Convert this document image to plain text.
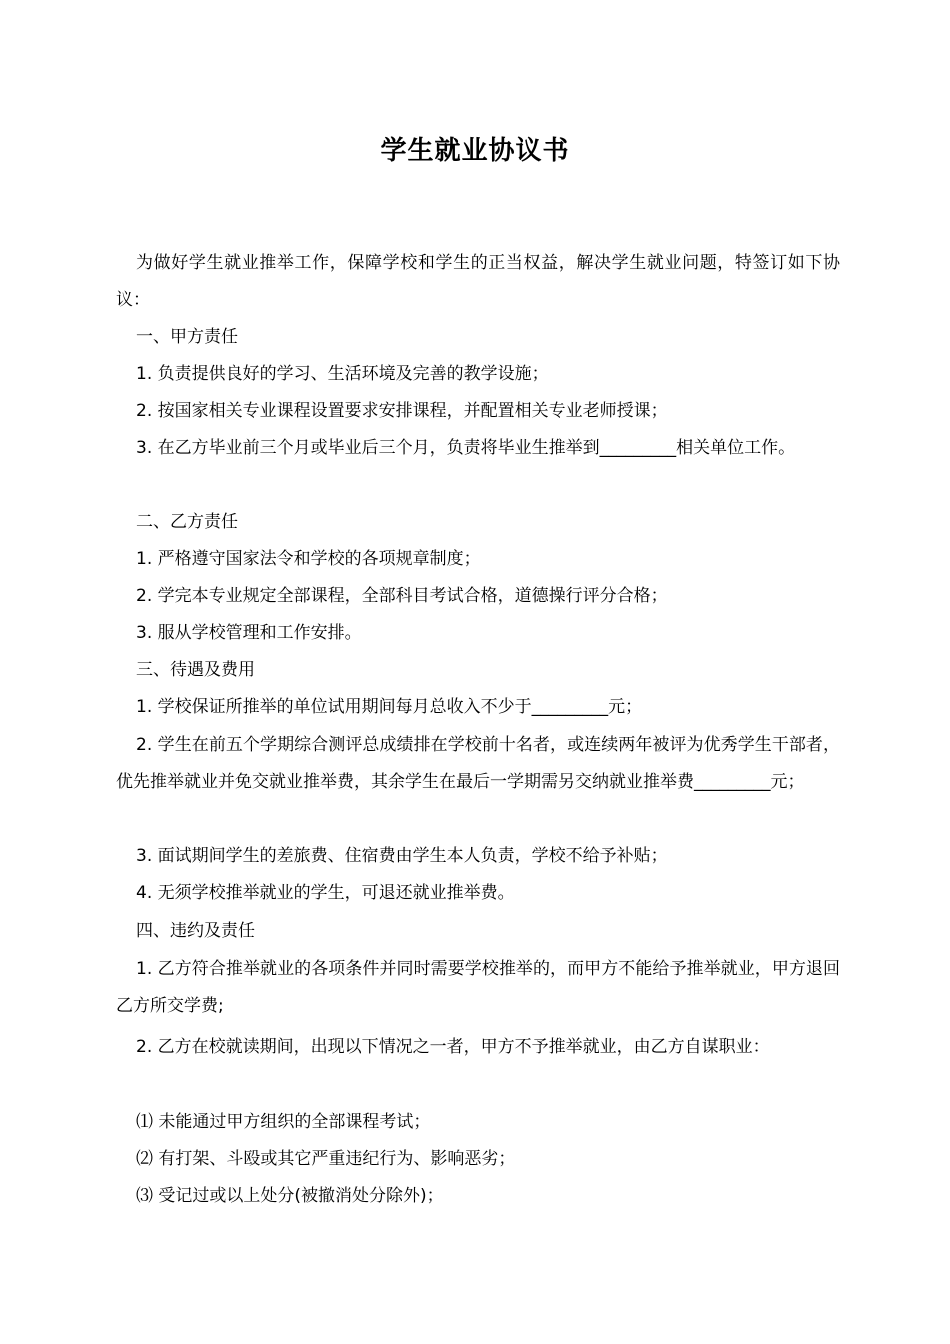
学生就业协议书

为做好学生就业推举工作，保障学校和学生的正当权益，解决学生就业问题，特签订如下协议：

一、甲方责任

1. 负责提供良好的学习、生活环境及完善的教学设施；

2. 按国家相关专业课程设置要求安排课程，并配置相关专业老师授课；

3. 在乙方毕业前三个月或毕业后三个月，负责将毕业生推举到_________相关单位工作。

二、乙方责任

1. 严格遵守国家法令和学校的各项规章制度；

2. 学完本专业规定全部课程，全部科目考试合格，道德操行评分合格；

3. 服从学校管理和工作安排。

三、待遇及费用

1. 学校保证所推举的单位试用期间每月总收入不少于_________元；

2. 学生在前五个学期综合测评总成绩排在学校前十名者，或连续两年被评为优秀学生干部者，优先推举就业并免交就业推举费，其余学生在最后一学期需另交纳就业推举费_________元；

3. 面试期间学生的差旅费、住宿费由学生本人负责，学校不给予补贴；

4. 无须学校推举就业的学生，可退还就业推举费。

四、违约及责任

1. 乙方符合推举就业的各项条件并同时需要学校推举的，而甲方不能给予推举就业，甲方退回乙方所交学费;

2. 乙方在校就读期间，出现以下情况之一者，甲方不予推举就业，由乙方自谋职业：

⑴ 未能通过甲方组织的全部课程考试；

⑵ 有打架、斗殴或其它严重违纪行为、影响恶劣；

⑶ 受记过或以上处分(被撤消处分除外)；
